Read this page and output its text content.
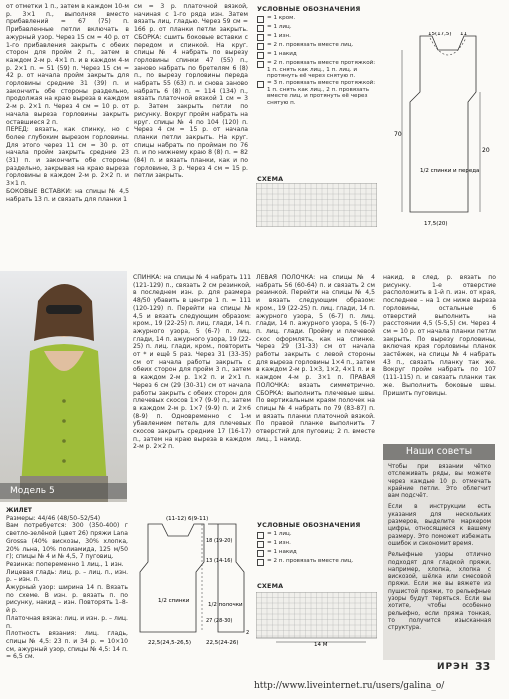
от отметки 1 п., затем в каждом 10-м р. 3×1 п., выполняя вместо прибавлений = 67 (75) п. Прибавленные петли включать в ажурный узор. Через 15 см = 40 р. от 1-го прибавления закрыть с обеих сторон для пройм 2 п., затем в каждом 2-м р. 4×1 п. и в каждом 4-м р. 2×1 п. = 51 (59) п. Через 15 см = 42 р. от начала пройм закрыть для горловины средние 31 (39) п. и закончить обе стороны раздельно, продолжая на краю выреза в каждом 2-м р. 2×1 п. Через 4 см = 10 р. от начала выреза горловины закрыть оставшиеся 2 п.

ПЕРЕД: вязать, как спинку, но с более глубоким вырезом горловины. Для этого через 11 см = 30 р. от начала пройм закрыть средние 23 (31) п. и закончить обе стороны раздельно, закрывая на краю выреза горловины в каждом 2-м р. 2×2 п. и 3×1 п.

БОКОВЫЕ ВСТАВКИ: на спицы № 4,5 набрать 13 п. и связать для планки 1

см = 3 р. платочной вязкой, начиная с 1-го ряда изн. Затем вязать лиц. гладью. Через 59 см = 166 р. от планки петли закрыть. СБОРКА: сшить боковые вставки с передом и спинкой. На круг. спицы № 4 набрать по вырезу горловины спинки 47 (55) п., заново набрать по бретелям 6 (8) п., по вырезу горловины переда набрать 55 (63) п. и снова заново набрать 6 (8) п. = 114 (134) п., вязать платочной вязкой 1 см = 3 р. Затем закрыть петли по рисунку. Вокруг пройм набрать на круг. спицы № 4 по 104 (120) п. Через 4 см = 15 р. от начала планки петли закрыть. На круг. спицы набрать по проймам по 76 п. и по нижнему краю 8 (8) п. = 82 (84) п. и вязать планки, как и по горловине, 3 р. Через 4 см = 15 р. петли закрыть.

УСЛОВНЫЕ ОБОЗНАЧЕНИЯ
= 1 кром.
= 1 лиц.
= 1 изн.
= 2 п. провязать вместе лиц.
= 1 накид
= 2 п. провязать вместе протяжкой: 1 п. снять как лиц., 1 п. лиц. и протянуть её через снятую п.
= 3 п. провязать вместе протяжкой: 1 п. снять как лиц., 2 п. провязать вместе лиц. и протянуть её через снятую п.
СХЕМА
70
20
15(17,5) 11
1/2 спинки и переда
17,5(20)
Модель 5

ЖИЛЕТ

Размеры: 44/46 (48/50–52/54)

Вам потребуется: 300 (350-400) г светло-зелёной (цвет 26) пряжи Lana Grossa (40% вискозы, 30% хлопка, 20% льна, 10% полиамида, 125 м/50 г); спицы № 4 и № 4,5, 7 пуговиц.

Резинка: попеременно 1 лиц., 1 изн.

Лицевая гладь: лиц. р. – лиц. п., изн. р. – изн. п.

Ажурный узор: ширина 14 п. Вязать по схеме. В изн. р. вязать п. по рисунку, накид – изн. Повторять 1–8-й р.

Платочная вязка: лиц. и изн. р. – лиц. п.

Плотность вязания: лиц. гладь, спицы № 4,5: 23 п. и 34 р. = 10×10 см, ажурный узор, спицы № 4,5: 14 п. = 6,5 см.

СПИНКА: на спицы № 4 набрать 111 (121-129) п., связать 2 см резинкой, в последнем изн. р. для размера 48/50 убавить в центре 1 п. = 111 (120-129) п. Перейти на спицы № 4,5 и вязать следующим образом: кром., 19 (22-25) п. лиц. глади, 14 п. ажурного узора, 5 (6-7) п. лиц. глади, 14 п. ажурного узора, 19 (22-25) п. лиц. глади, кром., повторить от * и ещё 5 раз. Через 31 (33-35) см от начала работы закрыть с обеих сторон для пройм 3 п., затем в каждом 2-м р. 1×2 п. и 2×1 п. Через 6 см (29 (30-31) см от начала работы закрыть с обеих сторон для плечевых скосов 1×7 (9-9) п., затем в каждом 2-м р. 1×7 (9-9) п. и 2×6 (8-9) п. Одновременно с 1-м убавлением петель для плечевых скосов закрыть средние 17 (16-17) п., затем на краю выреза в каждом 2-м р. 2×2 п.
ЛЕВАЯ ПОЛОЧКА: на спицы № 4 набрать 56 (60-64) п. и связать 2 см резинкой. Перейти на спицы № 4,5 и вязать следующим образом: кром., 19 (22-25) п. лиц. глади, 14 п. ажурного узора, 5 (6-7) п. лиц. глади, 14 п. ажурного узора, 5 (6-7) п. лиц. глади. Пройму и плечевой скос оформлять, как на спинке. Через 29 (31-33) см от начала работы закрыть с левой стороны для выреза горловины 1×4 п., затем в каждом 2-м р. 1×3, 1×2, 4×1 п. и в каждом 4-м р. 3×1 п. ПРАВАЯ ПОЛОЧКА: вязать симметрично. СБОРКА: выполнить плечевые швы. По вертикальным краям полочек на спицы № 4 набрать по 79 (83-87) п. и вязать планки платочной вязкой. По правой планке выполнить 7 отверстий для пуговиц: 2 п. вместе лиц., 1 накид.
накид. в след. р. вязать по рисунку. 1-е отверстие расположить в 1-й п. изн. от края, последнее – на 1 см ниже выреза горловины, остальные 6 отверстий выполнить на расстоянии 4,5 (5-5,5) см. Через 4 см = 10 р. от начала планки петли закрыть. По вырезу горловины, включая края горловины планок застёжек, на спицы № 4 набрать 43 п., связать планку так же. Вокруг пройм набрать по 107 (111-115) п. и связать планки так же. Выполнить боковые швы. Пришить пуговицы.
Наши советы

Чтобы при вязании чётко отслеживать ряды, вы можете через каждые 10 р. отмечать крайние петли. Это облегчит вам подсчёт.

Если в инструкции есть указания для нескольких размеров, выделите маркером цифры, относящиеся к вашему размеру. Это поможет избежать ошибок и сэкономит время.

Рельефные узоры отлично подходят для гладкой пряжи, например, хлопка, хлопка с вискозой, шёлка или смесовой пряжи. Если же вы вяжете из пушистой пряжи, то рельефные узоры будут теряться. Если вы хотите, чтобы особенно рельефно, если пряжа тонкая, то получится изысканная структура.

(11-12) 6(9-11)
1/2 спинки
1/2 полочки
18 (19-20)
13 (14-16)
27 (28-30)
2
22,5(24,5-26,5)	22,5(24-26)
УСЛОВНЫЕ ОБОЗНАЧЕНИЯ
= 1 лиц.
= 1 изн.
= 1 накид
= 2 п. провязать вместе лиц.
СХЕМА
14 М
ИРЭН 33
http://www.liveinternet.ru/users/galina_o/
